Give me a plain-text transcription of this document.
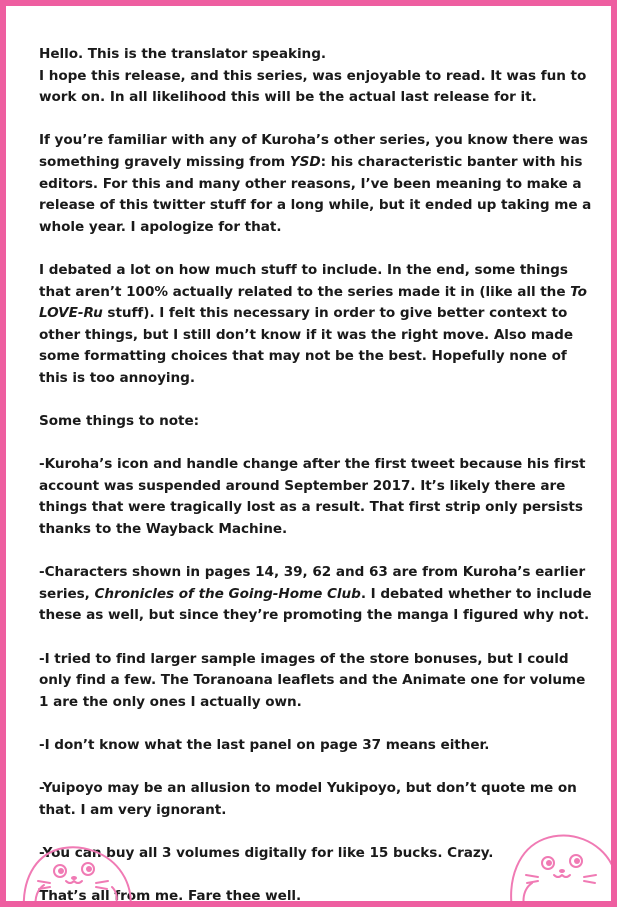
Hello. This is the translator speaking.
I hope this release, and this series, was enjoyable to read. It was fun to work on. In all likelihood this will be the actual last release for it.

If you’re familiar with any of Kuroha’s other series, you know there was something gravely missing from YSD: his characteristic banter with his editors. For this and many other reasons, I’ve been meaning to make a release of this twitter stuff for a long while, but it ended up taking me a whole year. I apologize for that.

I debated a lot on how much stuff to include. In the end, some things that aren’t 100% actually related to the series made it in (like all the To LOVE-Ru stuff). I felt this necessary in order to give better context to other things, but I still don’t know if it was the right move. Also made some formatting choices that may not be the best. Hopefully none of this is too annoying.

Some things to note:

-Kuroha’s icon and handle change after the first tweet because his first account was suspended around September 2017. It’s likely there are things that were tragically lost as a result. That first strip only persists thanks to the Wayback Machine.

-Characters shown in pages 14, 39, 62 and 63 are from Kuroha’s earlier series, Chronicles of the Going-Home Club. I debated whether to include these as well, but since they’re promoting the manga I figured why not.

-I tried to find larger sample images of the store bonuses, but I could only find a few. The Toranoana leaflets and the Animate one for volume 1 are the only ones I actually own.

-I don’t know what the last panel on page 37 means either.

-Yuipoyo may be an allusion to model Yukipoyo, but don’t quote me on that. I am very ignorant.

-You can buy all 3 volumes digitally for like 15 bucks. Crazy.

That’s all from me. Fare thee well.
